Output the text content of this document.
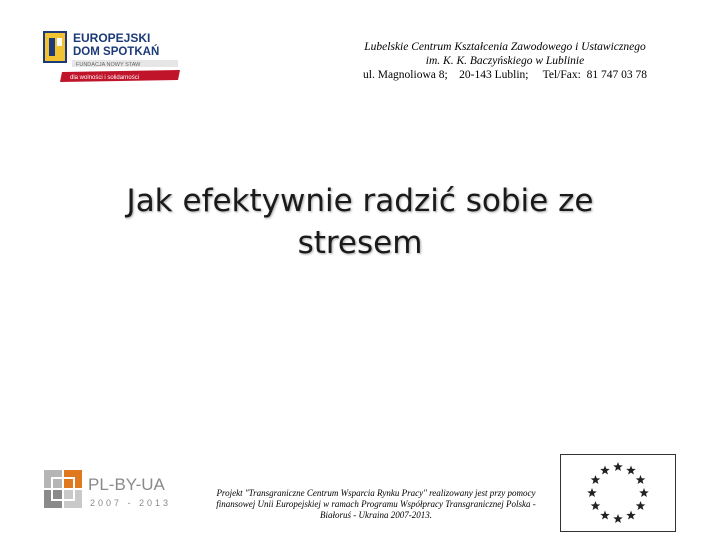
EUROPEJSKI
DOM SPOTKAŃ
FUNDACJA NOWY STAW
dla wolności i solidarności
Lubelskie Centrum Kształcenia Zawodowego i Ustawicznego
im. K. K. Baczyńskiego w Lublinie
ul. Magnoliowa 8;    20-143 Lublin;     Tel/Fax:  81 747 03 78
Jak efektywnie radzić sobie ze
stresem
PL-BY-UA
2007 - 2013
Projekt "Transgraniczne Centrum Wsparcia Rynku Pracy" realizowany jest przy pomocy finansowej Unii Europejskiej w ramach Programu Współpracy Transgranicznej Polska - Białoruś - Ukraina 2007-2013.
